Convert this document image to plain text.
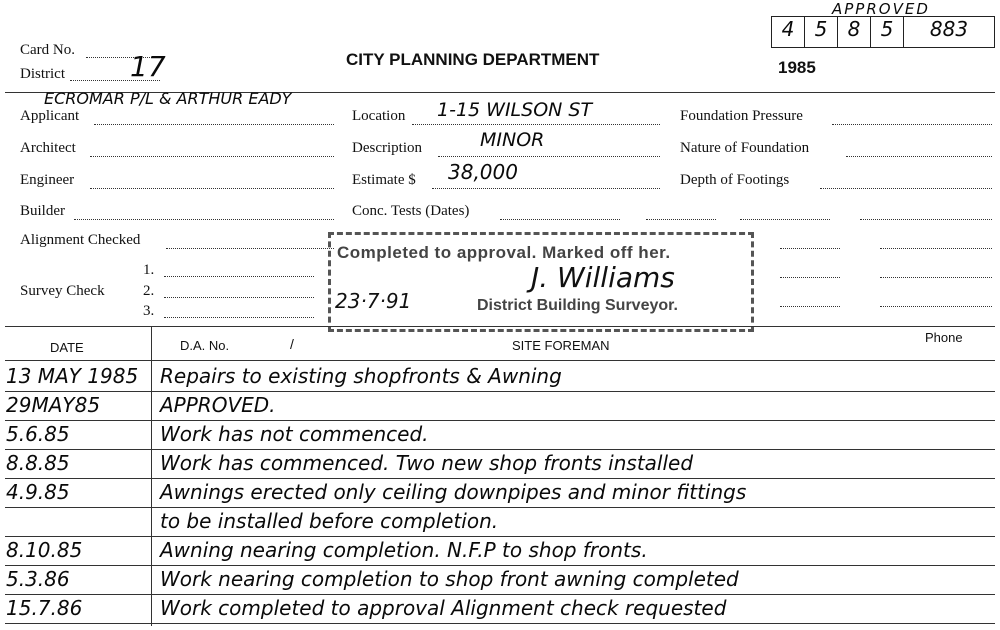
Card No.
District 17	CITY PLANNING DEPARTMENT	1985
APPROVED
4	5	8	5	883
ECROMAR P/L & ARTHUR EADY
Applicant
Architect
Engineer
Builder
Alignment Checked
1.
Survey Check	2.
3.
Location 1-15 WILSON ST
Description	MINOR
Estimate $ 38,000
Conc. Tests (Dates)
Foundation Pressure
Nature of Foundation
Depth of Footings
Completed to approval. Marked off her.
J. Williams
23·7·91	District Building Surveyor.
DATE	D.A. No.	/	SITE FOREMAN
Phone
13 MAY 1985	Repairs to existing shopfronts & Awning
29MAY85	APPROVED.
5.6.85	Work has not commenced.
8.8.85	Work has commenced. Two new shop fronts installed
4.9.85	Awnings erected only ceiling downpipes and minor fittings
to be installed before completion.
8.10.85	Awning nearing completion. N.F.P to shop fronts.
5.3.86	Work nearing completion to shop front awning completed
15.7.86	Work completed to approval Alignment check requested
